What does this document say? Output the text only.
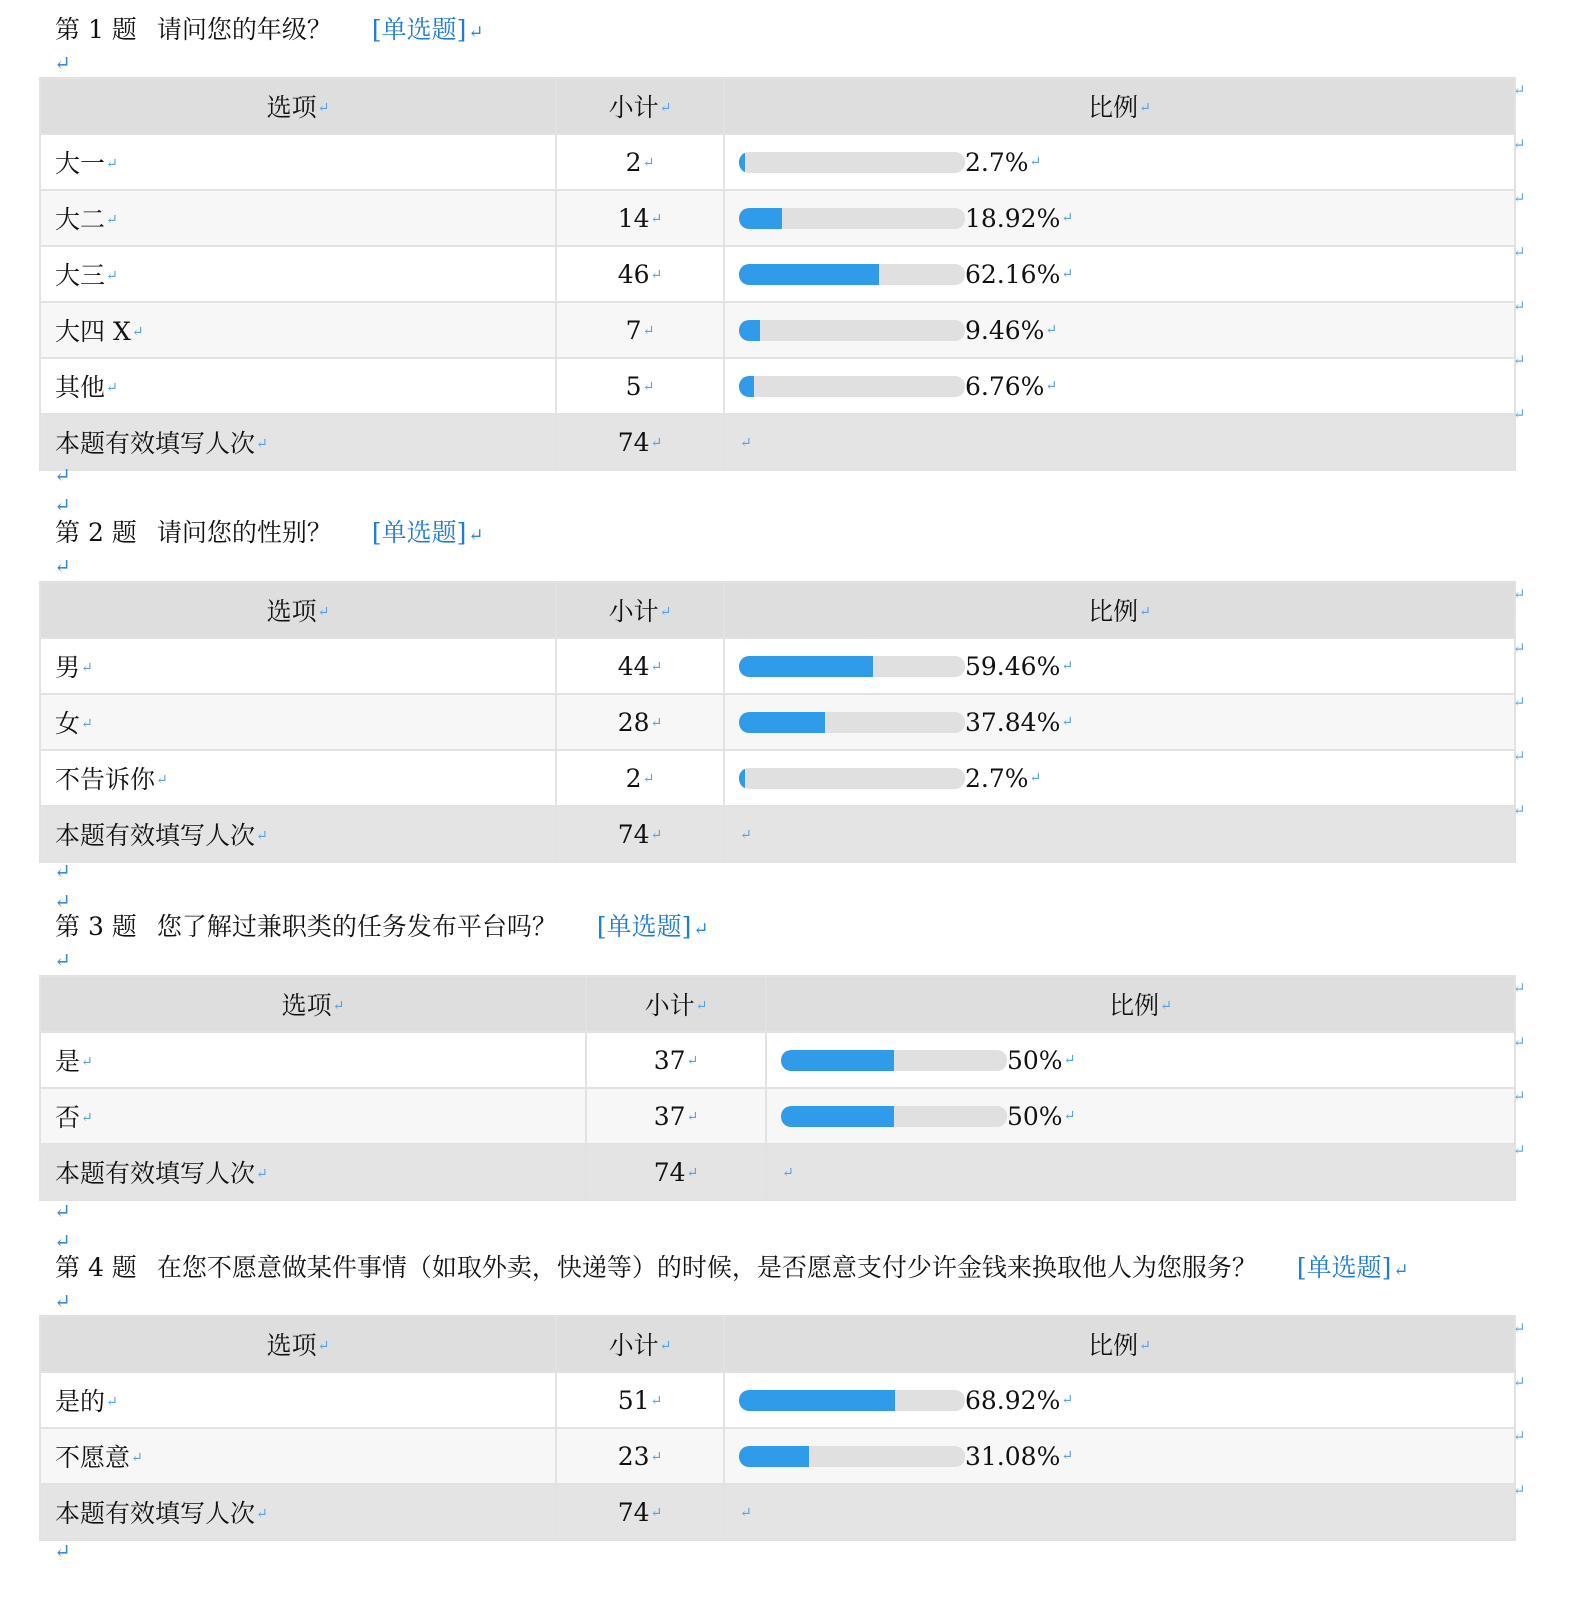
第 1 题 请问您的年级？ [单选题] ↵
↵
选项↵	小计↵	比例↵
大一↵	2↵	2.7% ↵

大二↵	14↵	18.92% ↵

大三↵	46↵	62.16% ↵

大四 X↵	7↵	9.46% ↵

其他↵	5↵	6.76% ↵

本题有效填写人次↵	74↵	↵
↵
↵
↵
↵
↵
↵
↵
↵
↵
第 2 题 请问您的性别？ [单选题] ↵
↵
选项↵	小计↵	比例↵
男↵	44↵	59.46% ↵

女↵	28↵	37.84% ↵

不告诉你↵	2↵	2.7% ↵

本题有效填写人次↵	74↵	↵
↵
↵
↵
↵
↵
↵
↵
第 3 题 您了解过兼职类的任务发布平台吗？ [单选题] ↵
↵
选项↵	小计↵	比例↵
是↵	37↵	50% ↵

否↵	37↵	50% ↵

本题有效填写人次↵	74↵	↵
↵
↵
↵
↵
↵
↵
第 4 题 在您不愿意做某件事情（如取外卖，快递等）的时候，是否愿意支付少许金钱来换取他人为您服务？ [单选题] ↵
↵
选项↵	小计↵	比例↵
是的↵	51↵	68.92% ↵

不愿意↵	23↵	31.08% ↵

本题有效填写人次↵	74↵	↵
↵
↵
↵
↵
↵
